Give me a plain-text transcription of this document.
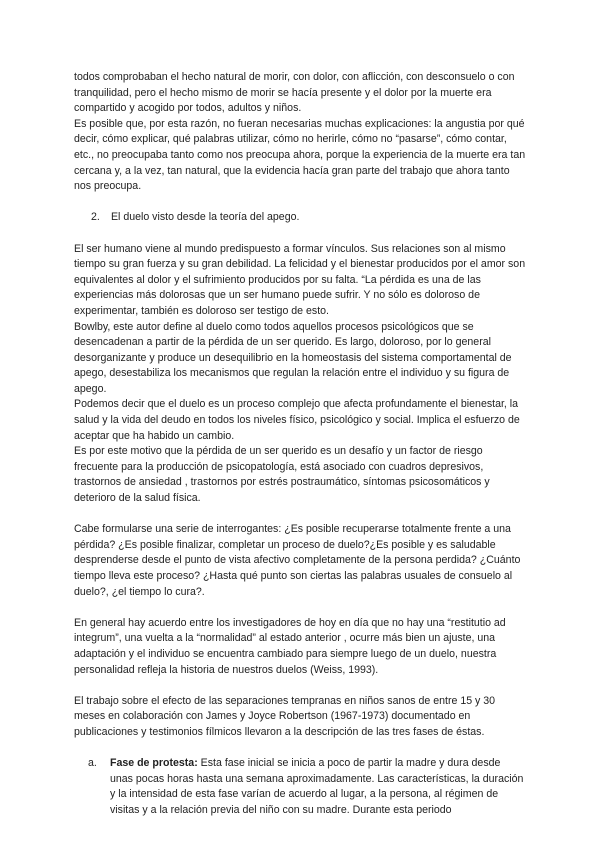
todos comprobaban el hecho natural de morir, con dolor, con aflicción, con desconsuelo o con tranquilidad, pero el hecho mismo de morir se hacía presente y el dolor por la muerte era compartido y acogido por todos, adultos y niños.

Es posible que, por esta razón, no fueran necesarias muchas explicaciones: la angustia por qué decir, cómo explicar, qué palabras utilizar, cómo no herirle, cómo no “pasarse”, cómo contar, etc., no preocupaba tanto como nos preocupa ahora, porque la experiencia de la muerte era tan cercana y, a la vez, tan natural, que la evidencia hacía gran parte del trabajo que ahora tanto nos preocupa.

2. El duelo visto desde la teoría del apego.

El ser humano viene al mundo predispuesto a formar vínculos. Sus relaciones son al mismo tiempo su gran fuerza y su gran debilidad. La felicidad y el bienestar producidos por el amor son equivalentes al dolor y el sufrimiento producidos por su falta. “La pérdida es una de las experiencias más dolorosas que un ser humano puede sufrir. Y no sólo es doloroso de experimentar, también es doloroso ser testigo de esto.

Bowlby, este autor define al duelo como todos aquellos procesos psicológicos que se desencadenan a partir de la pérdida de un ser querido. Es largo, doloroso, por lo general desorganizante y produce un desequilibrio en la homeostasis del sistema comportamental de apego, desestabiliza los mecanismos que regulan la relación entre el individuo y su figura de apego.

Podemos decir que el duelo es un proceso complejo que afecta profundamente el bienestar, la salud y la vida del deudo en todos los niveles físico, psicológico y social. Implica el esfuerzo de aceptar que ha habido un cambio.

Es por este motivo que la pérdida de un ser querido es un desafío y un factor de riesgo frecuente para la producción de psicopatología, está asociado con cuadros depresivos, trastornos de ansiedad , trastornos por estrés postraumático, síntomas psicosomáticos y deterioro de la salud física.

Cabe formularse una serie de interrogantes: ¿Es posible recuperarse totalmente frente a una pérdida? ¿Es posible finalizar, completar un proceso de duelo?¿Es posible y es saludable desprenderse desde el punto de vista afectivo completamente de la persona perdida? ¿Cuánto tiempo lleva este proceso? ¿Hasta qué punto son ciertas las palabras usuales de consuelo al duelo?, ¿el tiempo lo cura?.

En general hay acuerdo entre los investigadores de hoy en día que no hay una “restitutio ad integrum”, una vuelta a la “normalidad” al estado anterior , ocurre más bien un ajuste, una adaptación y el individuo se encuentra cambiado para siempre luego de un duelo, nuestra personalidad refleja la historia de nuestros duelos (Weiss, 1993).

El trabajo sobre el efecto de las separaciones tempranas en niños sanos de entre 15 y 30 meses en colaboración con James y Joyce Robertson (1967-1973) documentado en publicaciones y testimonios fílmicos llevaron a la descripción de las tres fases de éstas.

a. Fase de protesta: Esta fase inicial se inicia a poco de partir la madre y dura desde unas pocas horas hasta una semana aproximadamente. Las características, la duración y la intensidad de esta fase varían de acuerdo al lugar, a la persona, al régimen de visitas y a la relación previa del niño con su madre. Durante esta periodo
